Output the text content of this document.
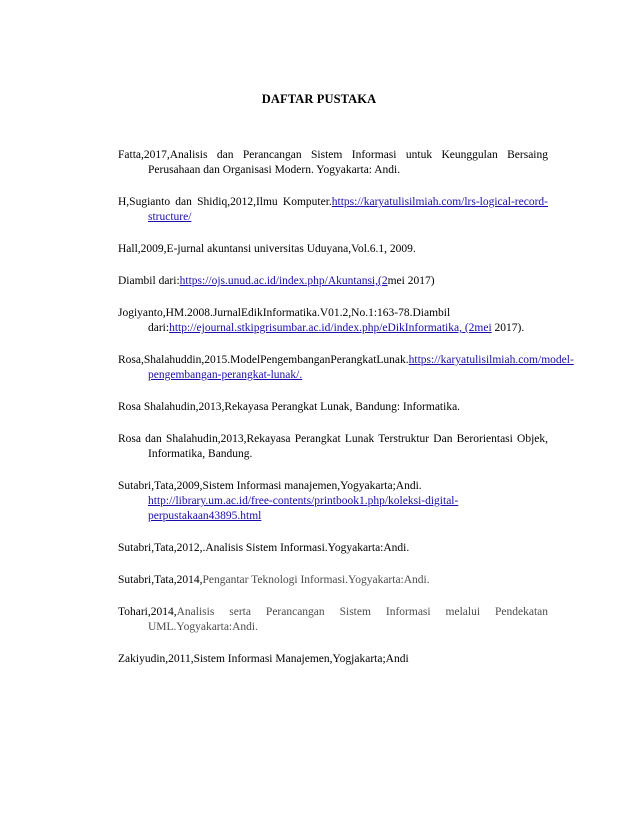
DAFTAR PUSTAKA

Fatta,2017,Analisis dan Perancangan Sistem Informasi untuk Keunggulan Bersaing Perusahaan dan Organisasi Modern. Yogyakarta: Andi.

H,Sugianto dan Shidiq,2012,Ilmu Komputer.https://karyatulisilmiah.com/lrs-logical-record-structure/

Hall,2009,E-jurnal akuntansi universitas Uduyana,Vol.6.1, 2009.

Diambil dari:https://ojs.unud.ac.id/index.php/Akuntansi,(2mei 2017)

Jogiyanto,HM.2008.JurnalEdikInformatika.V01.2,No.1:163-78.Diambil dari:http://ejournal.stkipgrisumbar.ac.id/index.php/eDikInformatika, (2mei 2017).

Rosa,Shalahuddin,2015.ModelPengembanganPerangkatLunak.https://karyatulisilmiah.com/model-pengembangan-perangkat-lunak/.

Rosa Shalahudin,2013,Rekayasa Perangkat Lunak, Bandung: Informatika.

Rosa dan Shalahudin,2013,Rekayasa Perangkat Lunak Terstruktur Dan Berorientasi Objek, Informatika, Bandung.

Sutabri,Tata,2009,Sistem Informasi manajemen,Yogyakarta;Andi.
http://library.um.ac.id/free-contents/printbook1.php/koleksi-digital-perpustakaan43895.html

Sutabri,Tata,2012,.Analisis Sistem Informasi.Yogyakarta:Andi.

Sutabri,Tata,2014,Pengantar Teknologi Informasi.Yogyakarta:Andi.

Tohari,2014,Analisis serta Perancangan Sistem Informasi melalui Pendekatan UML.Yogyakarta:Andi.

Zakiyudin,2011,Sistem Informasi Manajemen,Yogjakarta;Andi
